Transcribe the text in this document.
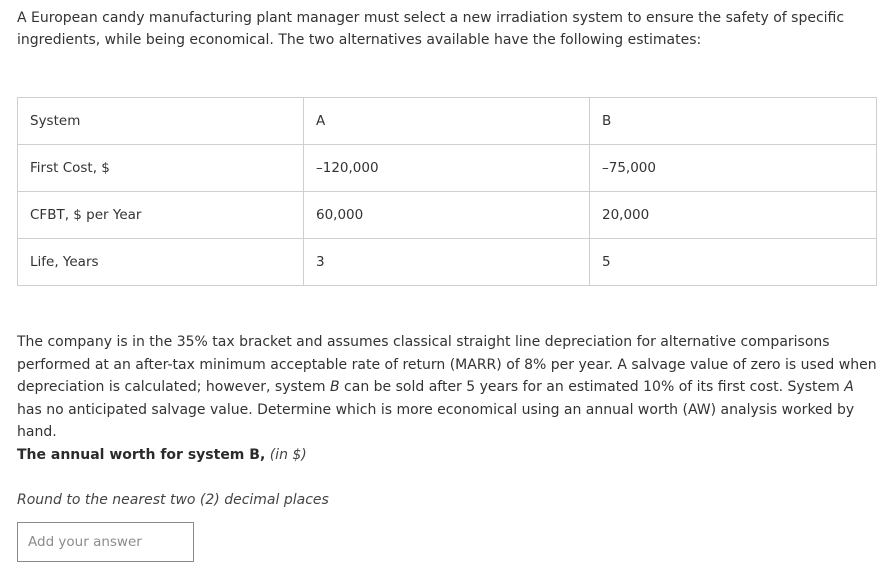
A European candy manufacturing plant manager must select a new irradiation system to ensure the safety of specific ingredients, while being economical. The two alternatives available have the following estimates:

System	A	B
First Cost, $	–120,000	–75,000
CFBT, $ per Year	60,000	20,000
Life, Years	3	5

The company is in the 35% tax bracket and assumes classical straight line depreciation for alternative comparisons performed at an after-tax minimum acceptable rate of return (MARR) of 8% per year. A salvage value of zero is used when depreciation is calculated; however, system B can be sold after 5 years for an estimated 10% of its first cost. System A has no anticipated salvage value. Determine which is more economical using an annual worth (AW) analysis worked by hand.

The annual worth for system B, (in $)

Round to the nearest two (2) decimal places

Add your answer
